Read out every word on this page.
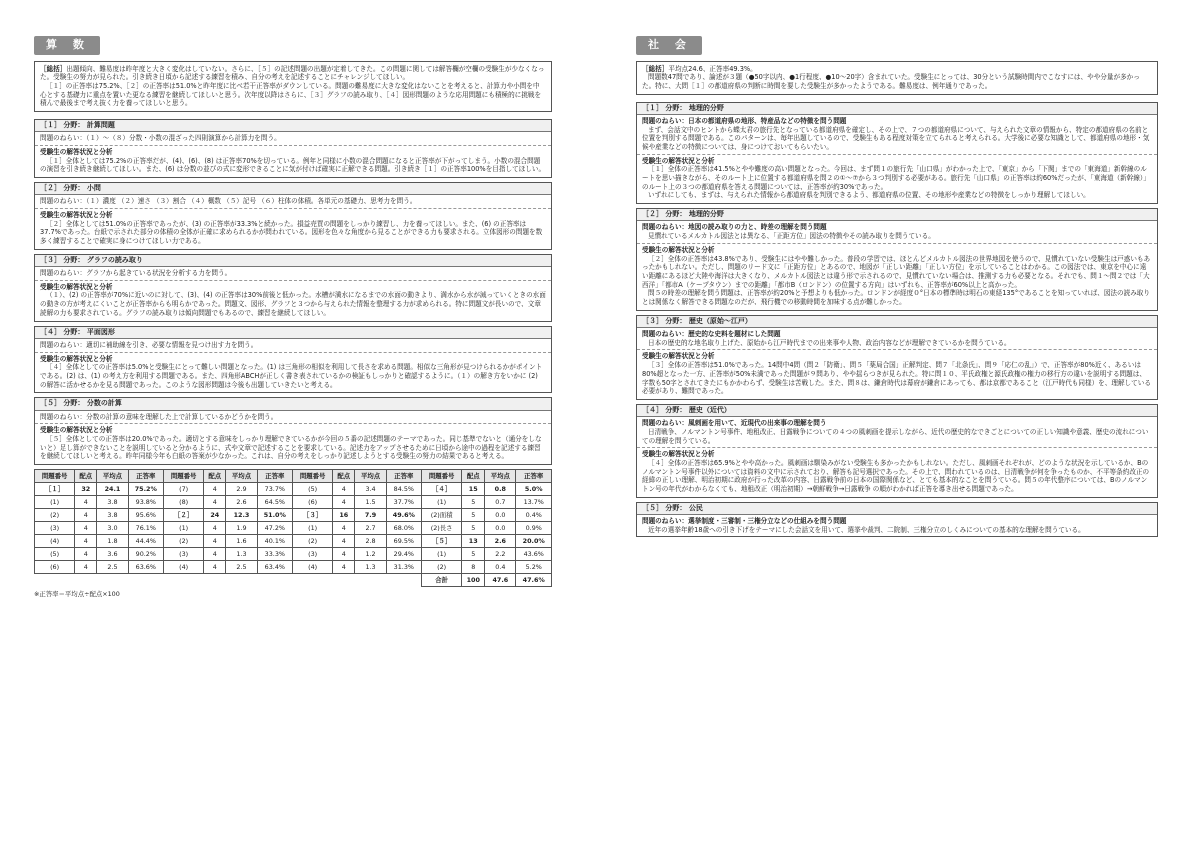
算 数

［総括］出題傾向、難易度は昨年度と大きく変化はしていない。さらに、［５］の記述問題の出題が定着してきた。この問題に関しては解答欄が空欄の受験生が少なくなった。受験生の努力が見られた。引き続き日頃から記述する練習を積み、自分の考えを記述することにチャレンジしてほしい。

［１］の正答率は75.2%、［２］の正答率は51.0%と昨年度に比べ若干正答率がダウンしている。問題の難易度に大きな変化はないことを考えると、計算力や小問を中心とする基礎力に重点を置いた更なる練習を継続してほしいと思う。次年度以降はさらに、［３］グラフの読み取り、［４］図形問題のような応用問題にも積極的に挑戦を積んで最後まで考え抜く力を養ってほしいと思う。

［１］ 分野： 計算問題
問題のねらい：（１）～（８）分数・小数の混ざった四則演算から計算力を問う。
受験生の解答状況と分析

［１］全体としては75.2%の正答率だが、(4)、(6)、(8) は正答率70%を切っている。例年と同様に小数の混合問題になると正答率が下がってしまう。小数の混合問題の演習を引き続き継続してほしい。また、(6) は分数の並びの式に変形できることに気が付けば確実に正解できる問題。引き続き［１］の正答率100%を目指してほしい。

［２］ 分野： 小問
問題のねらい：（１）濃度 （２）速さ （３）割合 （４）概数 （５）記号 （６）柱体の体積。各単元の基礎力、思考力を問う。
受験生の解答状況と分析

［２］全体としては51.0%の正答率であったが、(3) の正答率が33.3%と続かった。損益売買の問題をしっかり練習し、力を養ってほしい。また、(6) の正答率は37.7%であった。台紙で示された部分の体積の全体が正確に求められるかが問われている。図形を色々な角度から見ることができる力も要求される。立体図形の問題を数多く練習することで確実に身につけてほしい力である。

［３］ 分野： グラフの読み取り
問題のねらい：グラフから起きている状況を分析する力を問う。
受験生の解答状況と分析

（１）、(2) の正答率が70%に近いのに対して、(3)、(4) の正答率は30%前後と低かった。水槽が満水になるまでの水面の動きより、満水から水が減っていくときの水面の動きの方が考えにくいことが正答率からも明らかであった。問題文、図形、グラフと３つから与えられた情報を整理する力が求められる。特に問題文が長いので、文章読解の力も要求されている。グラフの読み取りは傾向問題でもあるので、練習を継続してほしい。

［４］ 分野： 平面図形
問題のねらい：適切に補助線を引き、必要な情報を見つけ出す力を問う。
受験生の解答状況と分析

［４］全体としての正答率は5.0%と受験生にとって難しい問題となった。(1) は三角形の相似を利用して長さを求める問題。相似な三角形が見つけられるかがポイントである。(2) は、(1) の考え方を利用する問題である。また、四角形ABCHが正しく書き表されているかの検証もしっかりと確認するように。（１）の解き方をいかに (2) の解答に活かせるかを見る問題であった。このような図形問題は今後も出題していきたいと考える。

［５］ 分野： 分数の計算
問題のねらい：分数の計算の意味を理解した上で計算しているかどうかを問う。
受験生の解答状況と分析

［５］全体としての正答率は20.0%であった。適切とする意味をしっかり理解できているかが今回の５番の記述問題のテーマであった。同じ基準でないと（通分をしないと）足し算ができないことを説明していると分かるように、式や文章で記述することを要求している。記述力をアップさせるために日頃から途中の過程を記述する練習を継続してほしいと考える。昨年同様今年も白紙の答案が少なかった。これは、自分の考えをしっかり記述しようとする受験生の努力の結果であると考える。

問題番号	配点	平均点	正答率	問題番号	配点	平均点	正答率	問題番号	配点	平均点	正答率	問題番号	配点	平均点	正答率
［１］	32	24.1	75.2%	(7)	4	2.9	73.7%	(5)	4	3.4	84.5%	［４］	15	0.8	5.0%
(1)	4	3.8	93.8%	(8)	4	2.6	64.5%	(6)	4	1.5	37.7%	(1)	5	0.7	13.7%
(2)	4	3.8	95.6%	［２］	24	12.3	51.0%	［３］	16	7.9	49.6%	(2)面積	5	0.0	0.4%
(3)	4	3.0	76.1%	(1)	4	1.9	47.2%	(1)	4	2.7	68.0%	(2)長さ	5	0.0	0.9%
(4)	4	1.8	44.4%	(2)	4	1.6	40.1%	(2)	4	2.8	69.5%	［５］	13	2.6	20.0%
(5)	4	3.6	90.2%	(3)	4	1.3	33.3%	(3)	4	1.2	29.4%	(1)	5	2.2	43.6%
(6)	4	2.5	63.6%	(4)	4	2.5	63.4%	(4)	4	1.3	31.3%	(2)	8	0.4	5.2%
												合計	100	47.6	47.6%
※正答率＝平均点÷配点×100
社 会

［総括］平均点24.6、正答率49.3%。

問題数47問であり、論述が３題（●50字以内、●1行程度、●10～20字）含まれていた。受験生にとっては、30分という試験時間内でこなすには、やや分量が多かった。特に、大問［１］の都道府県の判断に時間を要した受験生が多かったようである。難易度は、例年通りであった。

［１］ 分野： 地理的分野
問題のねらい：日本の都道府県の地形、特産品などの特徴を問う問題

まず、会話文中のヒントから蝶太君の旅行先となっている都道府県を確定し、その上で、７つの都道府県について、与えられた文章の情報から、特定の都道府県の名前と位置を判別する問題である。このパターンは、毎年出題しているので、受験生もある程度対策を立てられると考えられる。大学後に必要な知識として、都道府県の地形・気候や産業などの特徴については、身につけておいてもらいたい。

受験生の解答状況と分析

［１］全体の正答率は41.5%とやや難度の高い問題となった。今回は、まず問１の旅行先「山口県」がわかった上で、「東京」から「下関」までの「東海道」新幹線のルートを思い描きながら、そのルート上に位置する都道府県を問２の①～⑦から３つ判別する必要がある。旅行先「山口県」の正答率は約60%だったが、「東海道（新幹線）」のルート上の３つの都道府県を答える問題については、正答率が約30%であった。

いずれにしても、まずは、与えられた情報から都道府県を判別できるよう、都道府県の位置、その地形や産業などの特徴をしっかり理解してほしい。

［２］ 分野： 地理的分野
問題のねらい：地図の読み取りの力と、時差の理解を問う問題

見慣れているメルカトル図法とは異なる、「正距方位」図法の特徴やその読み取りを問うている。

受験生の解答状況と分析

［２］全体の正答率は43.8%であり、受験生にはやや難しかった。普段の学習では、ほとんどメルカトル図法の世界地図を使うので、見慣れていない受験生は戸惑いもあったかもしれない。ただし、問題のリード文に「正距方位」とあるので、地図が「正しい距離」「正しい方位」を示していることはわかる。この図法では、東京を中心に遠い距離にあるほど大陸や海洋は大きくなり、メルカトル図法とは違う形で示されるので、見慣れていない場合は、推測する力も必要となる。それでも、問１～問２では「大西洋」「都市A（ケープタウン）までの距離」「都市B（ロンドン）の位置する方向」はいずれも、正答率が60%以上と高かった。

問５の時差の理解を問う問題は、正答率が約20%と予想よりも低かった。ロンドンが経度０°日本の標準時は明石の東経135°であることを知っていれば、図法の読み取りとは関係なく解答できる問題なのだが、飛行機での移動時間を加味する点が難しかった。

［３］ 分野： 歴史（原始～江戸）
問題のねらい：歴史的な史料を題材にした問題

日本の歴史的な地名取り上げた、原始から江戸時代までの出来事や人物、政治内容などが理解できているかを問うている。

受験生の解答状況と分析

［３］全体の正答率は51.0%であった。14問中4問（問２「防衛」、問５「薬局合国」正解判定、問７「北条氏」、問９「応仁の乱」）で、正答率が80%近く、あるいは80%超となった一方、正答率が50%未満であった問題が９問あり、やや揺らつきが見られた。特に問１０、平氏政権と源氏政権の権力の移行方の違いを説明する問題は、字数も50字とされてきたにもかかわらず、受験生は苦戦した。また、問８は、鎌倉時代は幕府が鎌倉にあっても、都は京都であること（江戸時代も同様）を、理解している必要があり、難問であった。

［４］ 分野： 歴史（近代）
問題のねらい：風刺画を用いて、近現代の出来事の理解を問う

日清戦争、ノルマントン号事件、地租改正、日露戦争についての４つの風刺画を提示しながら、近代の歴史的なできごとについての正しい知識や意義、歴史の流れについての理解を問うている。

受験生の解答状況と分析

［４］全体の正答率は65.9%とやや高かった。風刺画は馴染みがない受験生も多かったかもしれない。ただし、風刺画それぞれが、どのような状況を示しているか、Bのノルマントン号事件以外については資料の文中に示されており、解答も記号選択であった。その上で、問われているのは、日清戦争が何を争ったものか、不平等条約改正の経緯の正しい理解、明治初期に政府が行った改革の内容、日露戦争前の日本の国際関係など、とても基本的なことを問うている。問５の年代整序については、Bのノルマントン号の年代がわからなくても、地租改正（明治初期）→朝鮮戦争→日露戦争 の順がわかれば正答を導き出せる問題であった。

［５］ 分野： 公民
問題のねらい：選挙制度・三審制・三権分立などの仕組みを問う問題

近年の選挙年齢18歳への引き下げをテーマにした会話文を用いて、選挙や裁判、二院制、三権分立のしくみについての基本的な理解を問うている。
